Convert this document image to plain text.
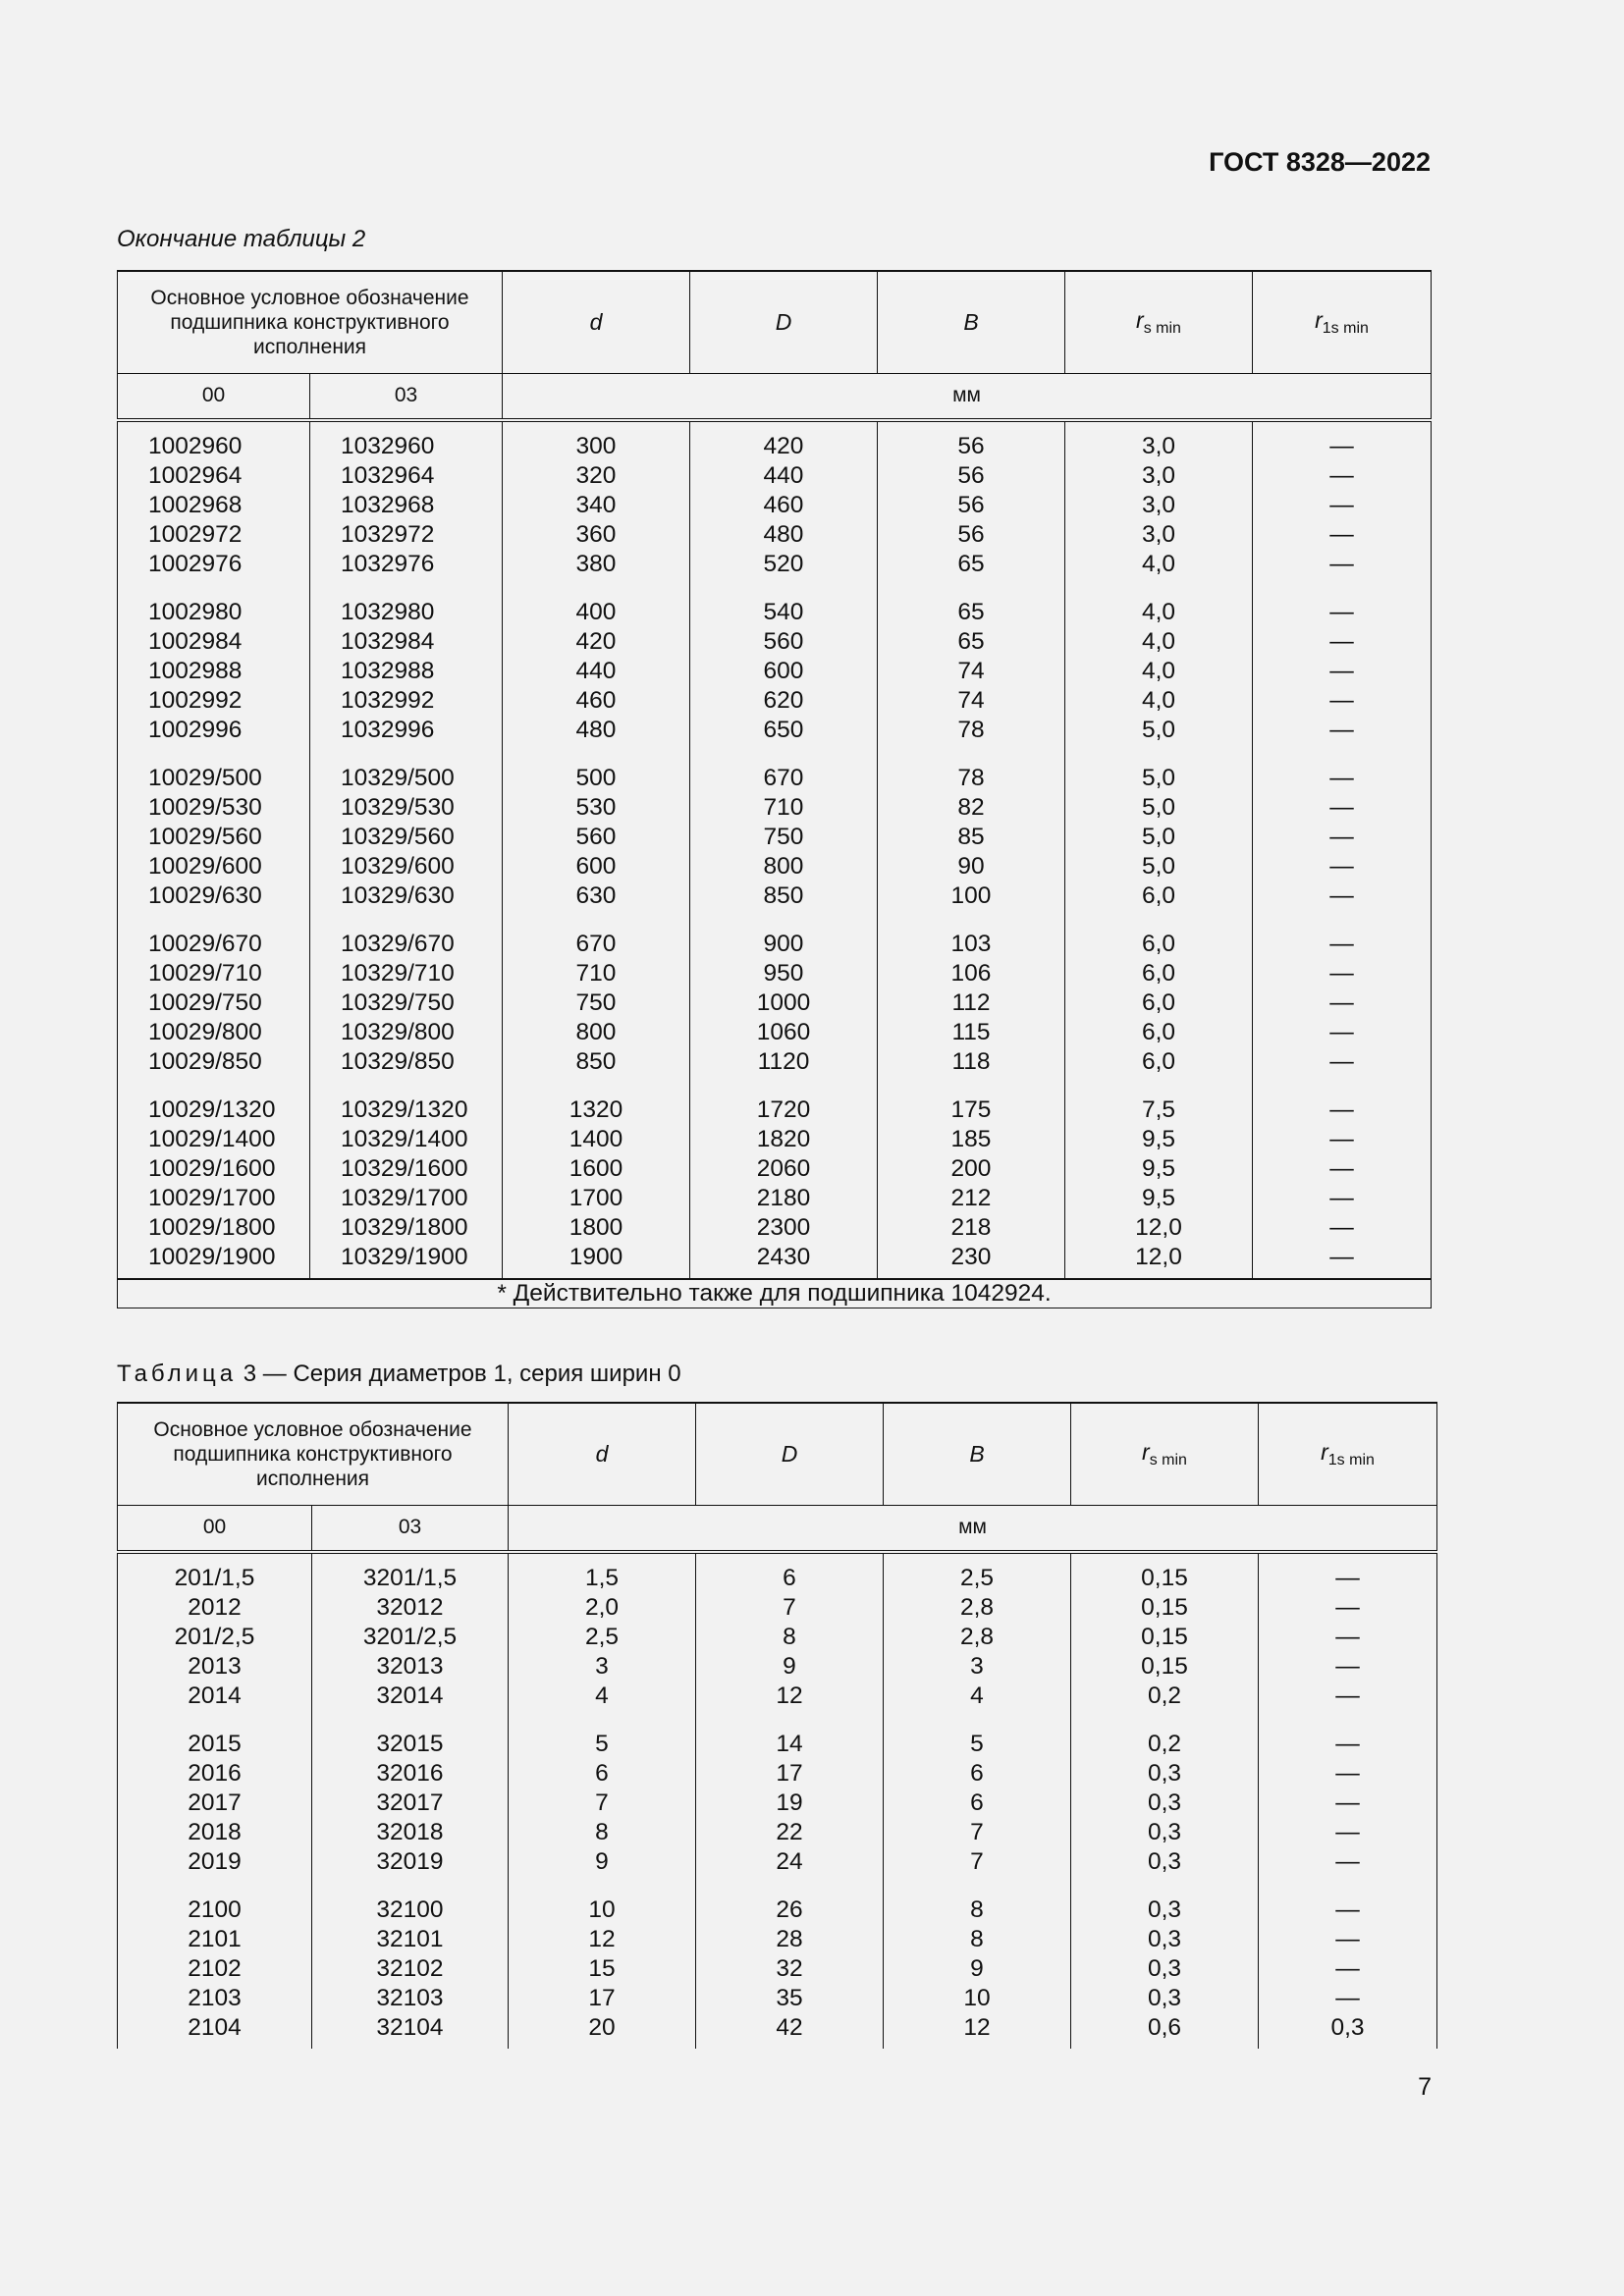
ГОСТ 8328—2022
Окончание таблицы 2
Основное условное обозначение подшипника конструктивного исполнения		d	D	B	$r_{s min}$	$r_{1s min}$
00	03	мм				
1002960	1032960	300	420	56	3,0	—
1002964	1032964	320	440	56	3,0	—
1002968	1032968	340	460	56	3,0	—
1002972	1032972	360	480	56	3,0	—
1002976	1032976	380	520	65	4,0	—
1002980	1032980	400	540	65	4,0	—
1002984	1032984	420	560	65	4,0	—
1002988	1032988	440	600	74	4,0	—
1002992	1032992	460	620	74	4,0	—
1002996	1032996	480	650	78	5,0	—
10029/500	10329/500	500	670	78	5,0	—
10029/530	10329/530	530	710	82	5,0	—
10029/560	10329/560	560	750	85	5,0	—
10029/600	10329/600	600	800	90	5,0	—
10029/630	10329/630	630	850	100	6,0	—
10029/670	10329/670	670	900	103	6,0	—
10029/710	10329/710	710	950	106	6,0	—
10029/750	10329/750	750	1000	112	6,0	—
10029/800	10329/800	800	1060	115	6,0	—
10029/850	10329/850	850	1120	118	6,0	—
10029/1320	10329/1320	1320	1720	175	7,5	—
10029/1400	10329/1400	1400	1820	185	9,5	—
10029/1600	10329/1600	1600	2060	200	9,5	—
10029/1700	10329/1700	1700	2180	212	9,5	—
10029/1800	10329/1800	1800	2300	218	12,0	—
10029/1900	10329/1900	1900	2430	230	12,0	—
* Действительно также для подшипника 1042924.						
Таблица 3 — Серия диаметров 1, серия ширин 0
Основное условное обозначение подшипника конструктивного исполнения		d	D	B	$r_{s min}$	$r_{1s min}$
00	03	мм				
201/1,5	3201/1,5	1,5	6	2,5	0,15	—
2012	32012	2,0	7	2,8	0,15	—
201/2,5	3201/2,5	2,5	8	2,8	0,15	—
2013	32013	3	9	3	0,15	—
2014	32014	4	12	4	0,2	—
2015	32015	5	14	5	0,2	—
2016	32016	6	17	6	0,3	—
2017	32017	7	19	6	0,3	—
2018	32018	8	22	7	0,3	—
2019	32019	9	24	7	0,3	—
2100	32100	10	26	8	0,3	—
2101	32101	12	28	8	0,3	—
2102	32102	15	32	9	0,3	—
2103	32103	17	35	10	0,3	—
2104	32104	20	42	12	0,6	0,3
7
